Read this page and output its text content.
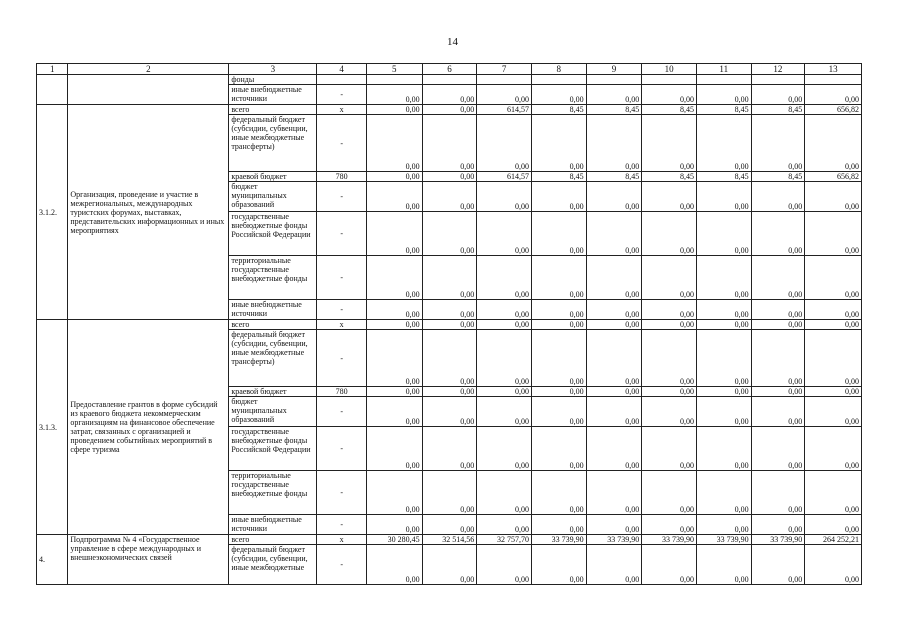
14
1	2	3	4	5	6	7	8	9	10	11	12	13
		фонды										
		иные внебюджетные источники	-	0,00	0,00	0,00	0,00	0,00	0,00	0,00	0,00	0,00
3.1.2.	Организация, проведение и участие в межрегиональных, международных туристских форумах, выставках, представительских информационных и иных мероприятиях	всего	x	0,00	0,00	614,57	8,45	8,45	8,45	8,45	8,45	656,82
		федеральный бюджет (субсидии, субвенции, иные межбюджетные трансферты)	-	0,00	0,00	0,00	0,00	0,00	0,00	0,00	0,00	0,00
		краевой бюджет	780	0,00	0,00	614,57	8,45	8,45	8,45	8,45	8,45	656,82
		бюджет муниципальных образований	-	0,00	0,00	0,00	0,00	0,00	0,00	0,00	0,00	0,00
		государственные внебюджетные фонды Российской Федерации	-	0,00	0,00	0,00	0,00	0,00	0,00	0,00	0,00	0,00
		территориальные государственные внебюджетные фонды	-	0,00	0,00	0,00	0,00	0,00	0,00	0,00	0,00	0,00
		иные внебюджетные источники	-	0,00	0,00	0,00	0,00	0,00	0,00	0,00	0,00	0,00
3.1.3.	Предоставление грантов в форме субсидий из краевого бюджета некоммерческим организациям на финансовое обеспечение затрат, связанных с организацией и проведением событийных мероприятий в сфере туризма	всего	x	0,00	0,00	0,00	0,00	0,00	0,00	0,00	0,00	0,00
		федеральный бюджет (субсидии, субвенции, иные межбюджетные трансферты)	-	0,00	0,00	0,00	0,00	0,00	0,00	0,00	0,00	0,00
		краевой бюджет	780	0,00	0,00	0,00	0,00	0,00	0,00	0,00	0,00	0,00
		бюджет муниципальных образований	-	0,00	0,00	0,00	0,00	0,00	0,00	0,00	0,00	0,00
		государственные внебюджетные фонды Российской Федерации	-	0,00	0,00	0,00	0,00	0,00	0,00	0,00	0,00	0,00
		территориальные государственные внебюджетные фонды	-	0,00	0,00	0,00	0,00	0,00	0,00	0,00	0,00	0,00
		иные внебюджетные источники	-	0,00	0,00	0,00	0,00	0,00	0,00	0,00	0,00	0,00
4.	Подпрограмма № 4 «Государственное управление в сфере международных и внешнеэкономических связей	всего	x	30 280,45	32 514,56	32 757,70	33 739,90	33 739,90	33 739,90	33 739,90	33 739,90	264 252,21
		федеральный бюджет (субсидии, субвенции, иные межбюджетные	-	0,00	0,00	0,00	0,00	0,00	0,00	0,00	0,00	0,00
